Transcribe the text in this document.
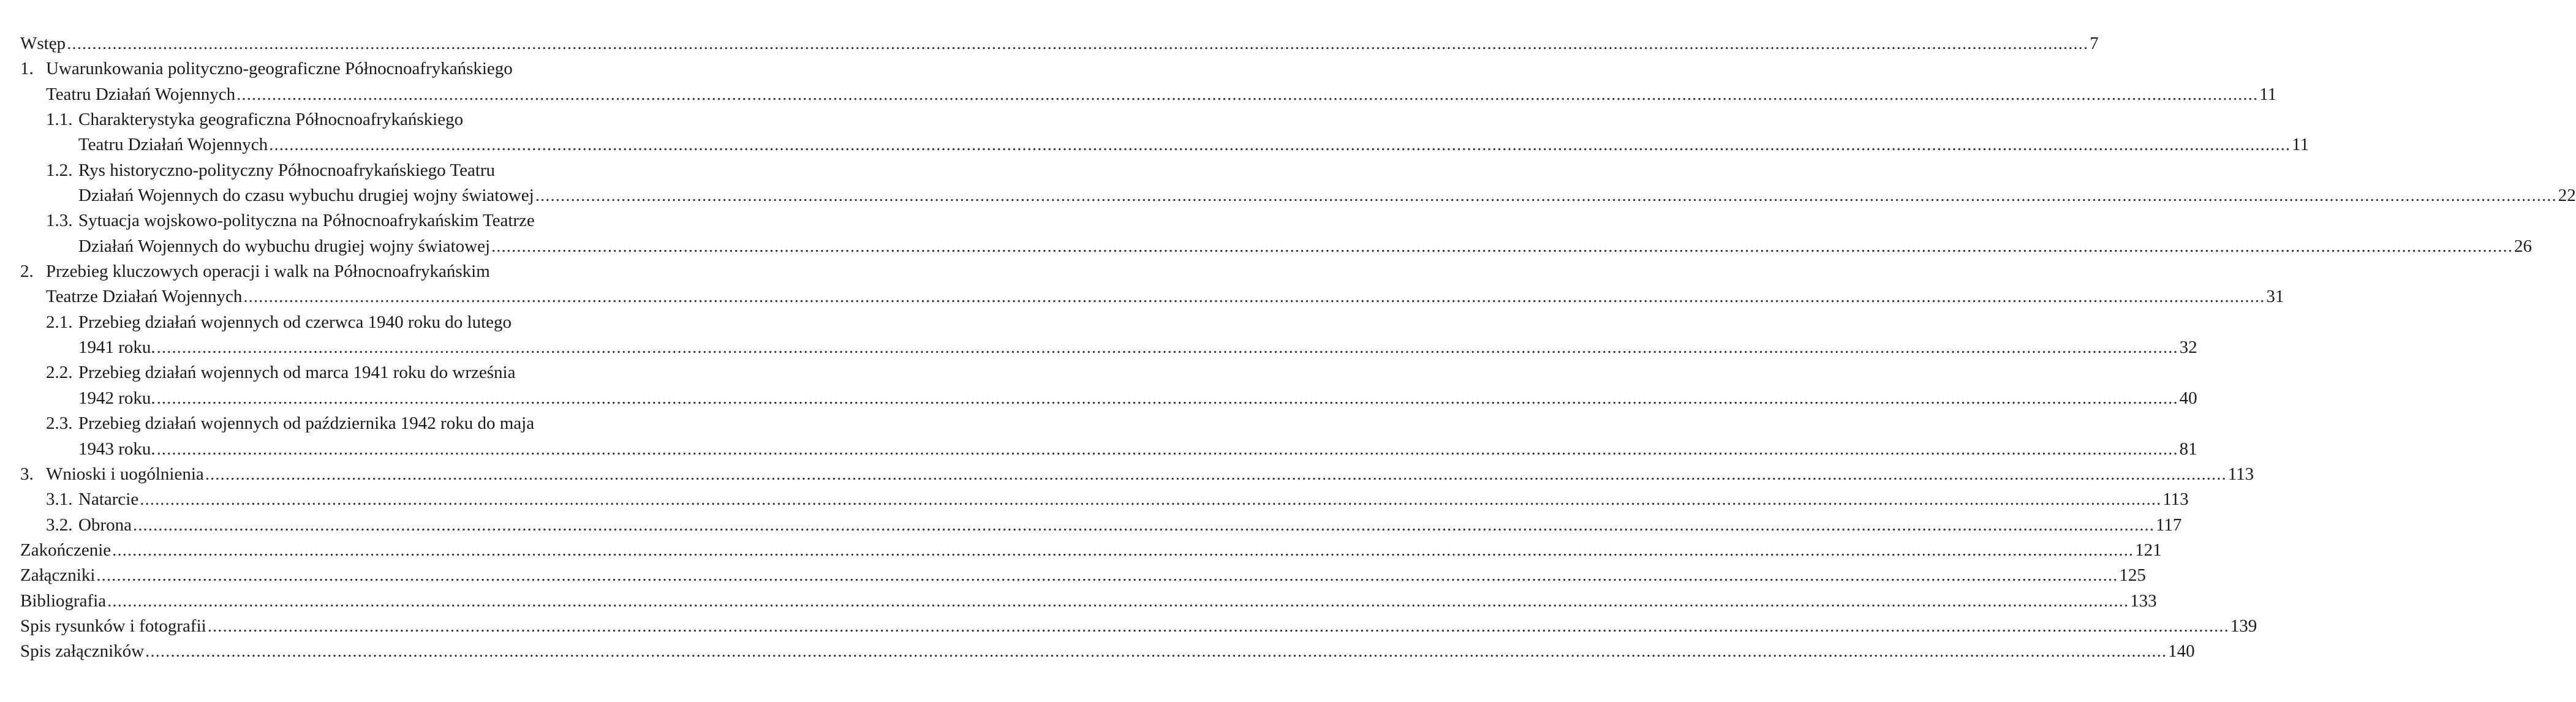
Wstęp ................................................................................................................................................................................................................................................................................................................................................................................................................ 7
1. Uwarunkowania polityczno-geograficzne Północnoafrykańskiego
Teatru Działań Wojennych ................................................................................................................................................................................................................................................................................................................................................................................................................ 11
1.1. Charakterystyka geograficzna Północnoafrykańskiego
Teatru Działań Wojennych ................................................................................................................................................................................................................................................................................................................................................................................................................ 11
1.2. Rys historyczno-polityczny Północnoafrykańskiego Teatru
Działań Wojennych do czasu wybuchu drugiej wojny światowej ................................................................................................................................................................................................................................................................................................................................................................................................................ 22
1.3. Sytuacja wojskowo-polityczna na Północnoafrykańskim Teatrze
Działań Wojennych do wybuchu drugiej wojny światowej ................................................................................................................................................................................................................................................................................................................................................................................................................ 26
2. Przebieg kluczowych operacji i walk na Północnoafrykańskim
Teatrze Działań Wojennych ................................................................................................................................................................................................................................................................................................................................................................................................................ 31
2.1. Przebieg działań wojennych od czerwca 1940 roku do lutego
1941 roku. ................................................................................................................................................................................................................................................................................................................................................................................................................ 32
2.2. Przebieg działań wojennych od marca 1941 roku do września
1942 roku. ................................................................................................................................................................................................................................................................................................................................................................................................................ 40
2.3. Przebieg działań wojennych od października 1942 roku do maja
1943 roku. ................................................................................................................................................................................................................................................................................................................................................................................................................ 81
3. Wnioski i uogólnienia ................................................................................................................................................................................................................................................................................................................................................................................................................ 113
3.1. Natarcie ................................................................................................................................................................................................................................................................................................................................................................................................................ 113
3.2. Obrona ................................................................................................................................................................................................................................................................................................................................................................................................................ 117
Zakończenie ................................................................................................................................................................................................................................................................................................................................................................................................................ 121
Załączniki ................................................................................................................................................................................................................................................................................................................................................................................................................ 125
Bibliografia ................................................................................................................................................................................................................................................................................................................................................................................................................ 133
Spis rysunków i fotografii ................................................................................................................................................................................................................................................................................................................................................................................................................ 139
Spis załączników ................................................................................................................................................................................................................................................................................................................................................................................................................ 140
